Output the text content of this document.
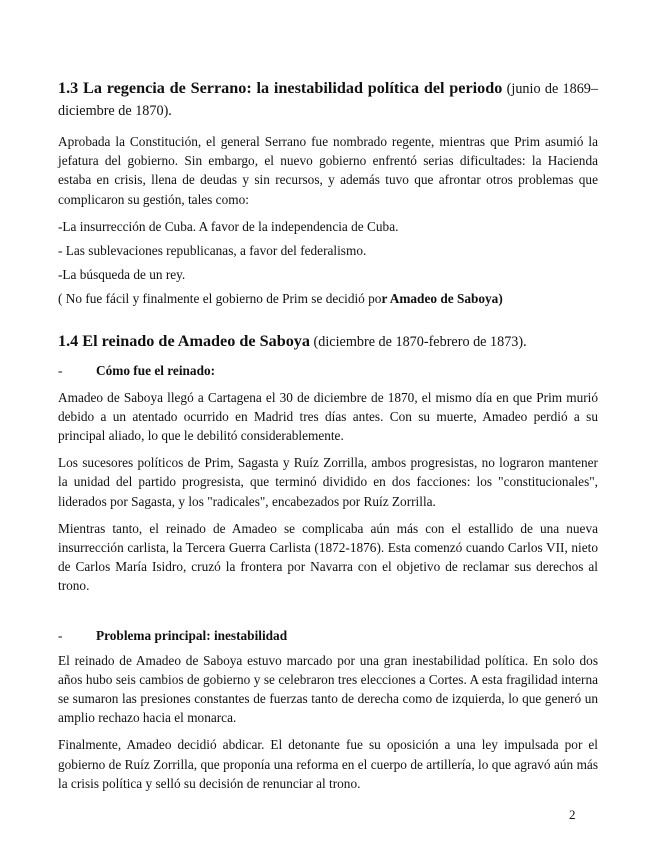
1.3 La regencia de Serrano: la inestabilidad política del periodo (junio de 1869– diciembre de 1870).

Aprobada la Constitución, el general Serrano fue nombrado regente, mientras que Prim asumió la jefatura del gobierno. Sin embargo, el nuevo gobierno enfrentó serias dificultades: la Hacienda estaba en crisis, llena de deudas y sin recursos, y además tuvo que afrontar otros problemas que complicaron su gestión, tales como:

-La insurrección de Cuba. A favor de la independencia de Cuba.

- Las sublevaciones republicanas, a favor del federalismo.

-La búsqueda de un rey.

( No fue fácil y finalmente el gobierno de Prim se decidió por Amadeo de Saboya)

1.4 El reinado de Amadeo de Saboya (diciembre de 1870-febrero de 1873).
-	Cómo fue el reinado:

Amadeo de Saboya llegó a Cartagena el 30 de diciembre de 1870, el mismo día en que Prim murió debido a un atentado ocurrido en Madrid tres días antes. Con su muerte, Amadeo perdió a su principal aliado, lo que le debilitó considerablemente.

Los sucesores políticos de Prim, Sagasta y Ruíz Zorrilla, ambos progresistas, no lograron mantener la unidad del partido progresista, que terminó dividido en dos facciones: los "constitucionales", liderados por Sagasta, y los "radicales", encabezados por Ruíz Zorrilla.

Mientras tanto, el reinado de Amadeo se complicaba aún más con el estallido de una nueva insurrección carlista, la Tercera Guerra Carlista (1872-1876). Esta comenzó cuando Carlos VII, nieto de Carlos María Isidro, cruzó la frontera por Navarra con el objetivo de reclamar sus derechos al trono.

-	Problema principal: inestabilidad

El reinado de Amadeo de Saboya estuvo marcado por una gran inestabilidad política. En solo dos años hubo seis cambios de gobierno y se celebraron tres elecciones a Cortes. A esta fragilidad interna se sumaron las presiones constantes de fuerzas tanto de derecha como de izquierda, lo que generó un amplio rechazo hacia el monarca.

Finalmente, Amadeo decidió abdicar. El detonante fue su oposición a una ley impulsada por el gobierno de Ruíz Zorrilla, que proponía una reforma en el cuerpo de artillería, lo que agravó aún más la crisis política y selló su decisión de renunciar al trono.

2
